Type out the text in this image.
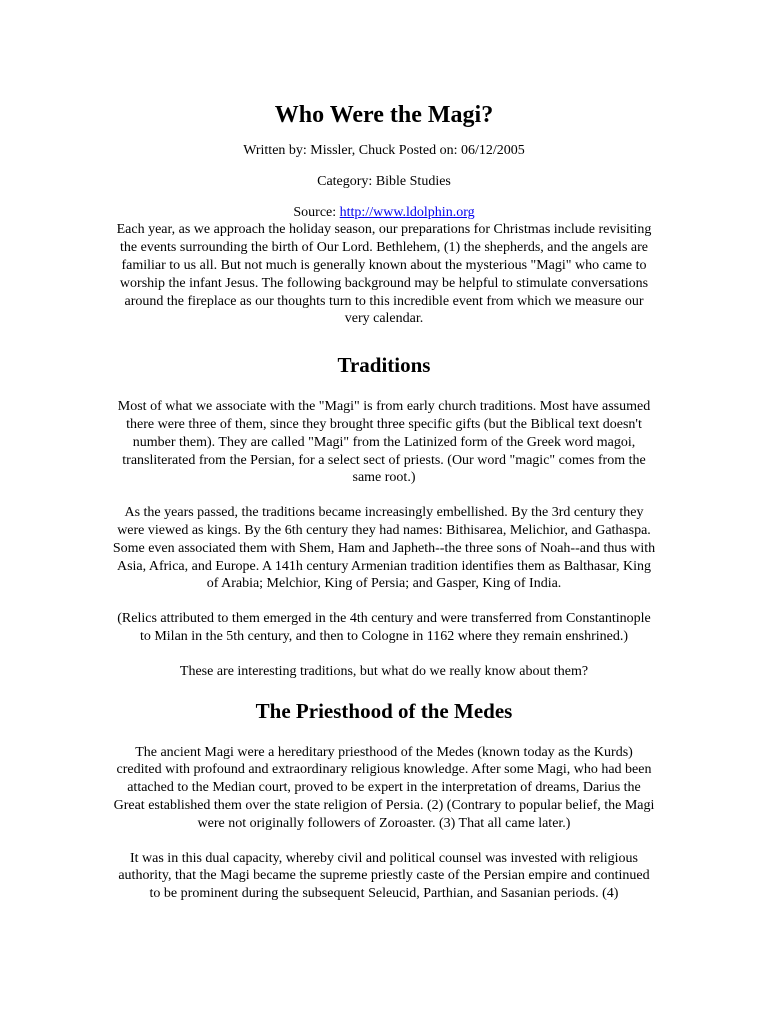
Who Were the Magi?
Written by: Missler, Chuck Posted on: 06/12/2005
Category: Bible Studies
Source: http://www.ldolphin.org

Each year, as we approach the holiday season, our preparations for Christmas include revisiting the events surrounding the birth of Our Lord. Bethlehem, (1) the shepherds, and the angels are familiar to us all. But not much is generally known about the mysterious "Magi" who came to worship the infant Jesus. The following background may be helpful to stimulate conversations around the fireplace as our thoughts turn to this incredible event from which we measure our very calendar.

Traditions

Most of what we associate with the "Magi" is from early church traditions. Most have assumed there were three of them, since they brought three specific gifts (but the Biblical text doesn't number them). They are called "Magi" from the Latinized form of the Greek word magoi, transliterated from the Persian, for a select sect of priests. (Our word "magic" comes from the same root.)

As the years passed, the traditions became increasingly embellished. By the 3rd century they were viewed as kings. By the 6th century they had names: Bithisarea, Melichior, and Gathaspa. Some even associated them with Shem, Ham and Japheth--the three sons of Noah--and thus with Asia, Africa, and Europe. A 141h century Armenian tradition identifies them as Balthasar, King of Arabia; Melchior, King of Persia; and Gasper, King of India.

(Relics attributed to them emerged in the 4th century and were transferred from Constantinople to Milan in the 5th century, and then to Cologne in 1162 where they remain enshrined.)

These are interesting traditions, but what do we really know about them?

The Priesthood of the Medes

The ancient Magi were a hereditary priesthood of the Medes (known today as the Kurds) credited with profound and extraordinary religious knowledge. After some Magi, who had been attached to the Median court, proved to be expert in the interpretation of dreams, Darius the Great established them over the state religion of Persia. (2) (Contrary to popular belief, the Magi were not originally followers of Zoroaster. (3) That all came later.)

It was in this dual capacity, whereby civil and political counsel was invested with religious authority, that the Magi became the supreme priestly caste of the Persian empire and continued to be prominent during the subsequent Seleucid, Parthian, and Sasanian periods. (4)
